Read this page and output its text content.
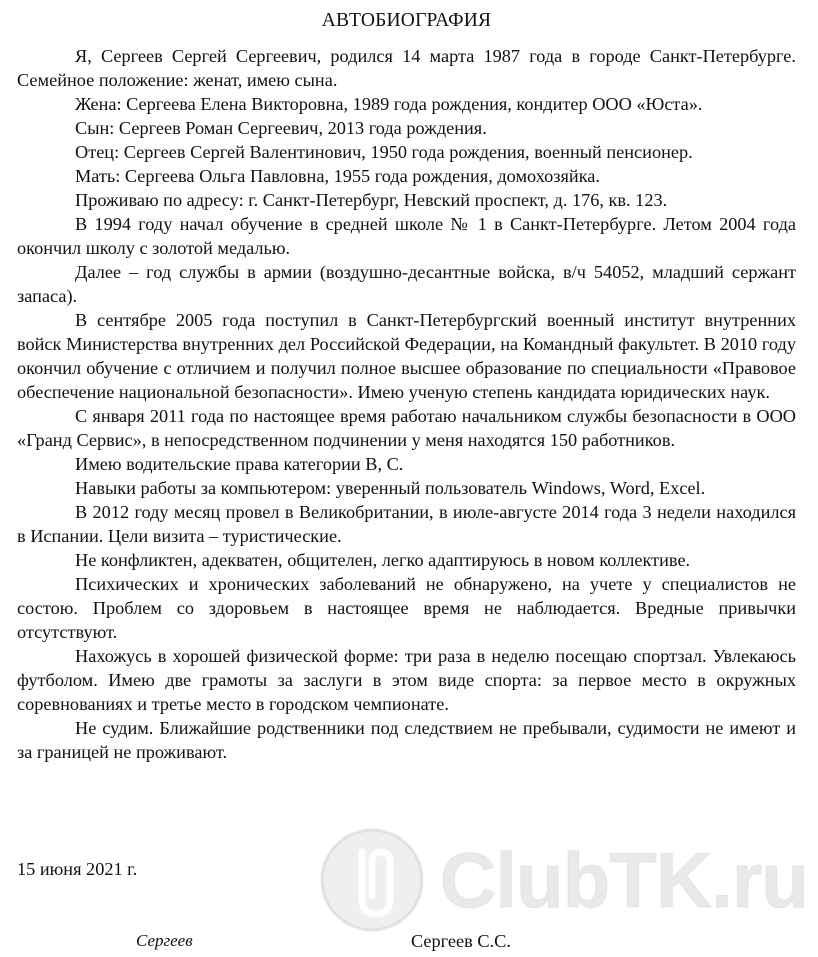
АВТОБИОГРАФИЯ

Я, Сергеев Сергей Сергеевич, родился 14 марта 1987 года в городе Санкт-Петербурге. Семейное положение: женат, имею сына.

Жена: Сергеева Елена Викторовна, 1989 года рождения, кондитер ООО «Юста».

Сын: Сергеев Роман Сергеевич, 2013 года рождения.

Отец: Сергеев Сергей Валентинович, 1950 года рождения, военный пенсионер.

Мать: Сергеева Ольга Павловна, 1955 года рождения, домохозяйка.

Проживаю по адресу: г. Санкт-Петербург, Невский проспект, д. 176, кв. 123.

В 1994 году начал обучение в средней школе № 1 в Санкт-Петербурге. Летом 2004 года окончил школу с золотой медалью.

Далее – год службы в армии (воздушно-десантные войска, в/ч 54052, младший сержант запаса).

В сентябре 2005 года поступил в Санкт-Петербургский военный институт внутренних войск Министерства внутренних дел Российской Федерации, на Командный факультет. В 2010 году окончил обучение с отличием и получил полное высшее образование по специальности «Правовое обеспечение национальной безопасности». Имею ученую степень кандидата юридических наук.

С января 2011 года по настоящее время работаю начальником службы безопасности в ООО «Гранд Сервис», в непосредственном подчинении у меня находятся 150 работников.

Имею водительские права категории В, С.

Навыки работы за компьютером: уверенный пользователь Windows, Word, Excel.

В 2012 году месяц провел в Великобритании, в июле-августе 2014 года 3 недели находился в Испании. Цели визита – туристические.

Не конфликтен, адекватен, общителен, легко адаптируюсь в новом коллективе.

Психических и хронических заболеваний не обнаружено, на учете у специалистов не состою. Проблем со здоровьем в настоящее время не наблюдается. Вредные привычки отсутствуют.

Нахожусь в хорошей физической форме: три раза в неделю посещаю спортзал. Увлекаюсь футболом. Имею две грамоты за заслуги в этом виде спорта: за первое место в окружных соревнованиях и третье место в городском чемпионате.

Не судим. Ближайшие родственники под следствием не пребывали, судимости не имеют и за границей не проживают.

ClubTK.ru
15 июня 2021 г.
Сергеев	Сергеев С.С.
